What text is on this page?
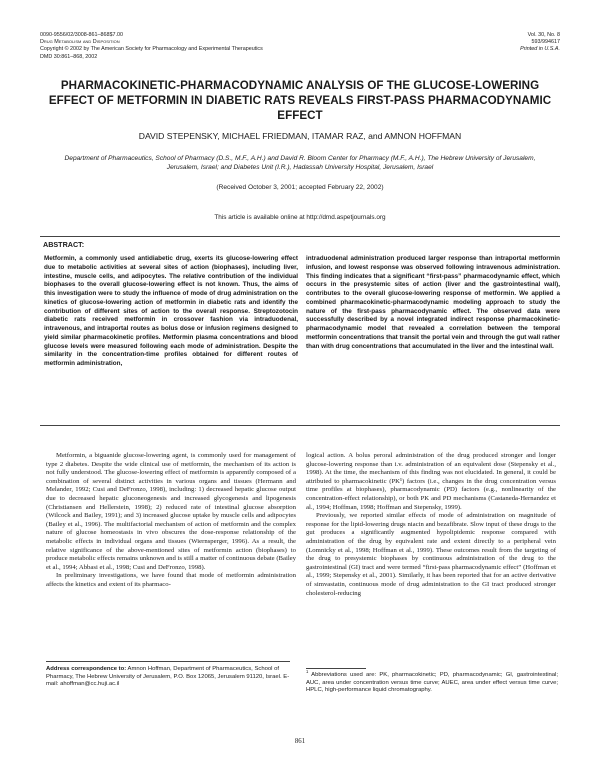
0090-9556/02/3008-861–868$7.00
Drug Metabolism and Disposition
Copyright © 2002 by The American Society for Pharmacology and Experimental Therapeutics
DMD 30:861–868, 2002
Vol. 30, No. 8
593/994617
Printed in U.S.A.
PHARMACOKINETIC-PHARMACODYNAMIC ANALYSIS OF THE GLUCOSE-LOWERING EFFECT OF METFORMIN IN DIABETIC RATS REVEALS FIRST-PASS PHARMACODYNAMIC EFFECT
DAVID STEPENSKY, MICHAEL FRIEDMAN, ITAMAR RAZ, and AMNON HOFFMAN
Department of Pharmaceutics, School of Pharmacy (D.S., M.F., A.H.) and David R. Bloom Center for Pharmacy (M.F., A.H.), The Hebrew University of Jerusalem, Jerusalem, Israel; and Diabetes Unit (I.R.), Hadassah University Hospital, Jerusalem, Israel
(Received October 3, 2001; accepted February 22, 2002)
This article is available online at http://dmd.aspetjournals.org
ABSTRACT:
Metformin, a commonly used antidiabetic drug, exerts its glucose-lowering effect due to metabolic activities at several sites of action (biophases), including liver, intestine, muscle cells, and adipocytes. The relative contribution of the individual biophases to the overall glucose-lowering effect is not known. Thus, the aims of this investigation were to study the influence of mode of drug administration on the kinetics of glucose-lowering action of metformin in diabetic rats and identify the contribution of different sites of action to the overall response. Streptozotocin diabetic rats received metformin in crossover fashion via intraduodenal, intravenous, and intraportal routes as bolus dose or infusion regimens designed to yield similar pharmacokinetic profiles. Metformin plasma concentrations and blood glucose levels were measured following each mode of administration. Despite the similarity in the concentration-time profiles obtained for different routes of metformin administration,
intraduodenal administration produced larger response than intraportal metformin infusion, and lowest response was observed following intravenous administration. This finding indicates that a significant “first-pass” pharmacodynamic effect, which occurs in the presystemic sites of action (liver and the gastrointestinal wall), contributes to the overall glucose-lowering response of metformin. We applied a combined pharmacokinetic-pharmacodynamic modeling approach to study the nature of the first-pass pharmacodynamic effect. The observed data were successfully described by a novel integrated indirect response pharmacokinetic-pharmacodynamic model that revealed a correlation between the temporal metformin concentrations that transit the portal vein and through the gut wall rather than with drug concentrations that accumulated in the liver and the intestinal wall.

Metformin, a biguanide glucose-lowering agent, is commonly used for management of type 2 diabetes. Despite the wide clinical use of metformin, the mechanism of its action is not fully understood. The glucose-lowering effect of metformin is apparently composed of a combination of several distinct activities in various organs and tissues (Hermann and Melander, 1992; Cusi and DeFronzo, 1998), including: 1) decreased hepatic glucose output due to decreased hepatic gluconeogenesis and increased glycogenesis and lipogenesis (Christiansen and Hellerstein, 1998); 2) reduced rate of intestinal glucose absorption (Wilcock and Bailey, 1991); and 3) increased glucose uptake by muscle cells and adipocytes (Bailey et al., 1996). The multifactorial mechanism of action of metformin and the complex nature of glucose homeostasis in vivo obscures the dose-response relationship of the metabolic effects in individual organs and tissues (Wiernsperger, 1996). As a result, the relative significance of the above-mentioned sites of metformin action (biophases) to produce metabolic effects remains unknown and is still a matter of continuous debate (Bailey et al., 1994; Abbasi et al., 1998; Cusi and DeFronzo, 1998).

In preliminary investigations, we have found that mode of metformin administration affects the kinetics and extent of its pharmaco-

logical action. A bolus peroral administration of the drug produced stronger and longer glucose-lowering response than i.v. administration of an equivalent dose (Stepensky et al., 1998). At the time, the mechanism of this finding was not elucidated. In general, it could be attributed to pharmacokinetic (PK¹) factors (i.e., changes in the drug concentration versus time profiles at biophases), pharmacodynamic (PD) factors (e.g., nonlinearity of the concentration-effect relationship), or both PK and PD mechanisms (Castaneda-Hernandez et al., 1994; Hoffman, 1998; Hoffman and Stepensky, 1999).

Previously, we reported similar effects of mode of administration on magnitude of response for the lipid-lowering drugs niacin and bezafibrate. Slow input of these drugs to the gut produces a significantly augmented hypolipidemic response compared with administration of the drug by equivalent rate and extent directly to a peripheral vein (Lomnicky et al., 1998; Hoffman et al., 1999). These outcomes result from the targeting of the drug to presystemic biophases by continuous administration of the drug to the gastrointestinal (GI) tract and were termed “first-pass pharmacodynamic effect” (Hoffman et al., 1999; Stepensky et al., 2001). Similarly, it has been reported that for an active derivative of simvastatin, continuous mode of drug administration to the GI tract produced stronger cholesterol-reducing

Address correspondence to: Amnon Hoffman, Department of Pharmaceutics, School of Pharmacy, The Hebrew University of Jerusalem, P.O. Box 12065, Jerusalem 91120, Israel. E-mail: ahoffman@cc.huji.ac.il
$^1$ Abbreviations used are: PK, pharmacokinetic; PD, pharmacodynamic; GI, gastrointestinal; AUC, area under concentration versus time curve; AUEC, area under effect versus time curve; HPLC, high-performance liquid chromatography.
861
